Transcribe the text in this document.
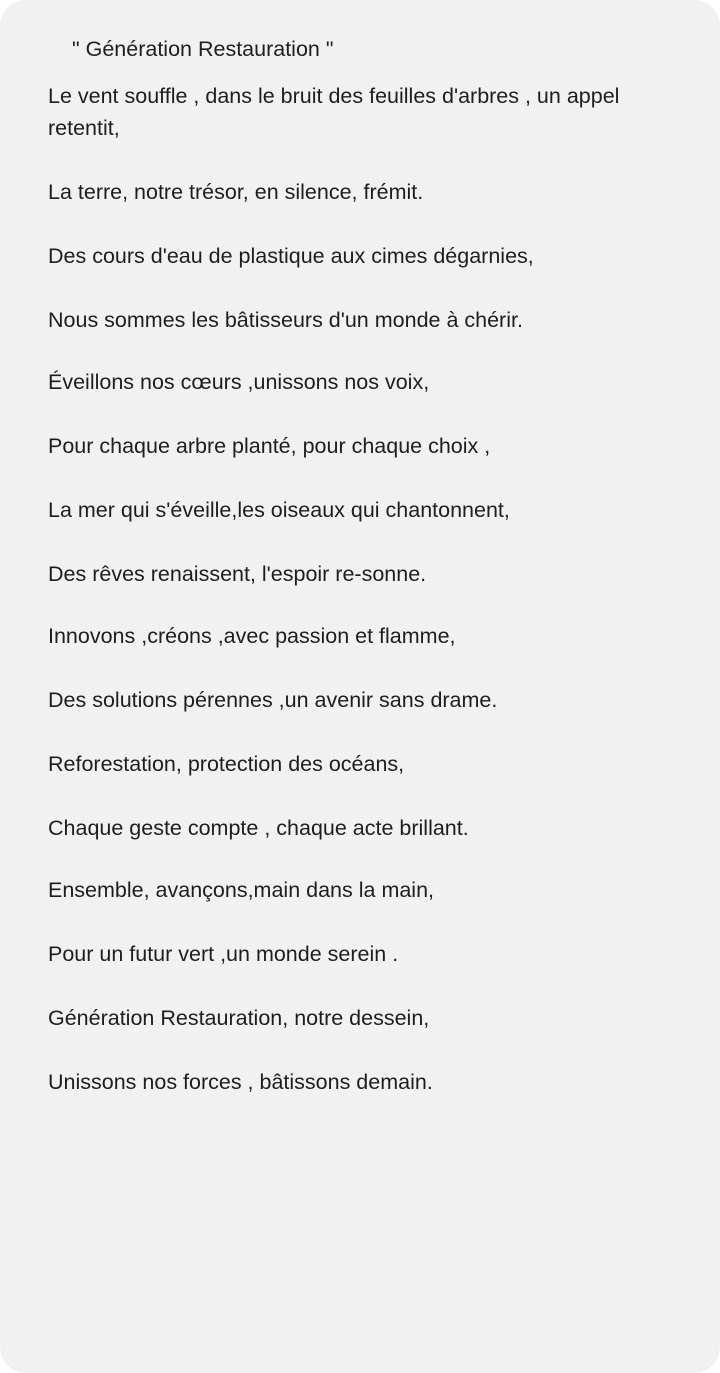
" Génération Restauration "

Le vent souffle , dans le bruit des feuilles d'arbres , un appel retentit,

La terre, notre trésor, en silence, frémit.

Des cours d'eau de plastique aux cimes dégarnies,

Nous sommes les bâtisseurs d'un monde à chérir.

Éveillons nos cœurs ,unissons nos voix,

Pour chaque arbre planté, pour chaque choix ,

La mer qui s'éveille,les oiseaux qui chantonnent,

Des rêves renaissent, l'espoir re-sonne.

Innovons ,créons ,avec passion et flamme,

Des solutions pérennes ,un avenir sans drame.

Reforestation, protection des océans,

Chaque geste compte , chaque acte brillant.

Ensemble, avançons,main dans la main,

Pour un futur vert ,un monde serein .

Génération Restauration, notre dessein,

Unissons nos forces , bâtissons demain.
